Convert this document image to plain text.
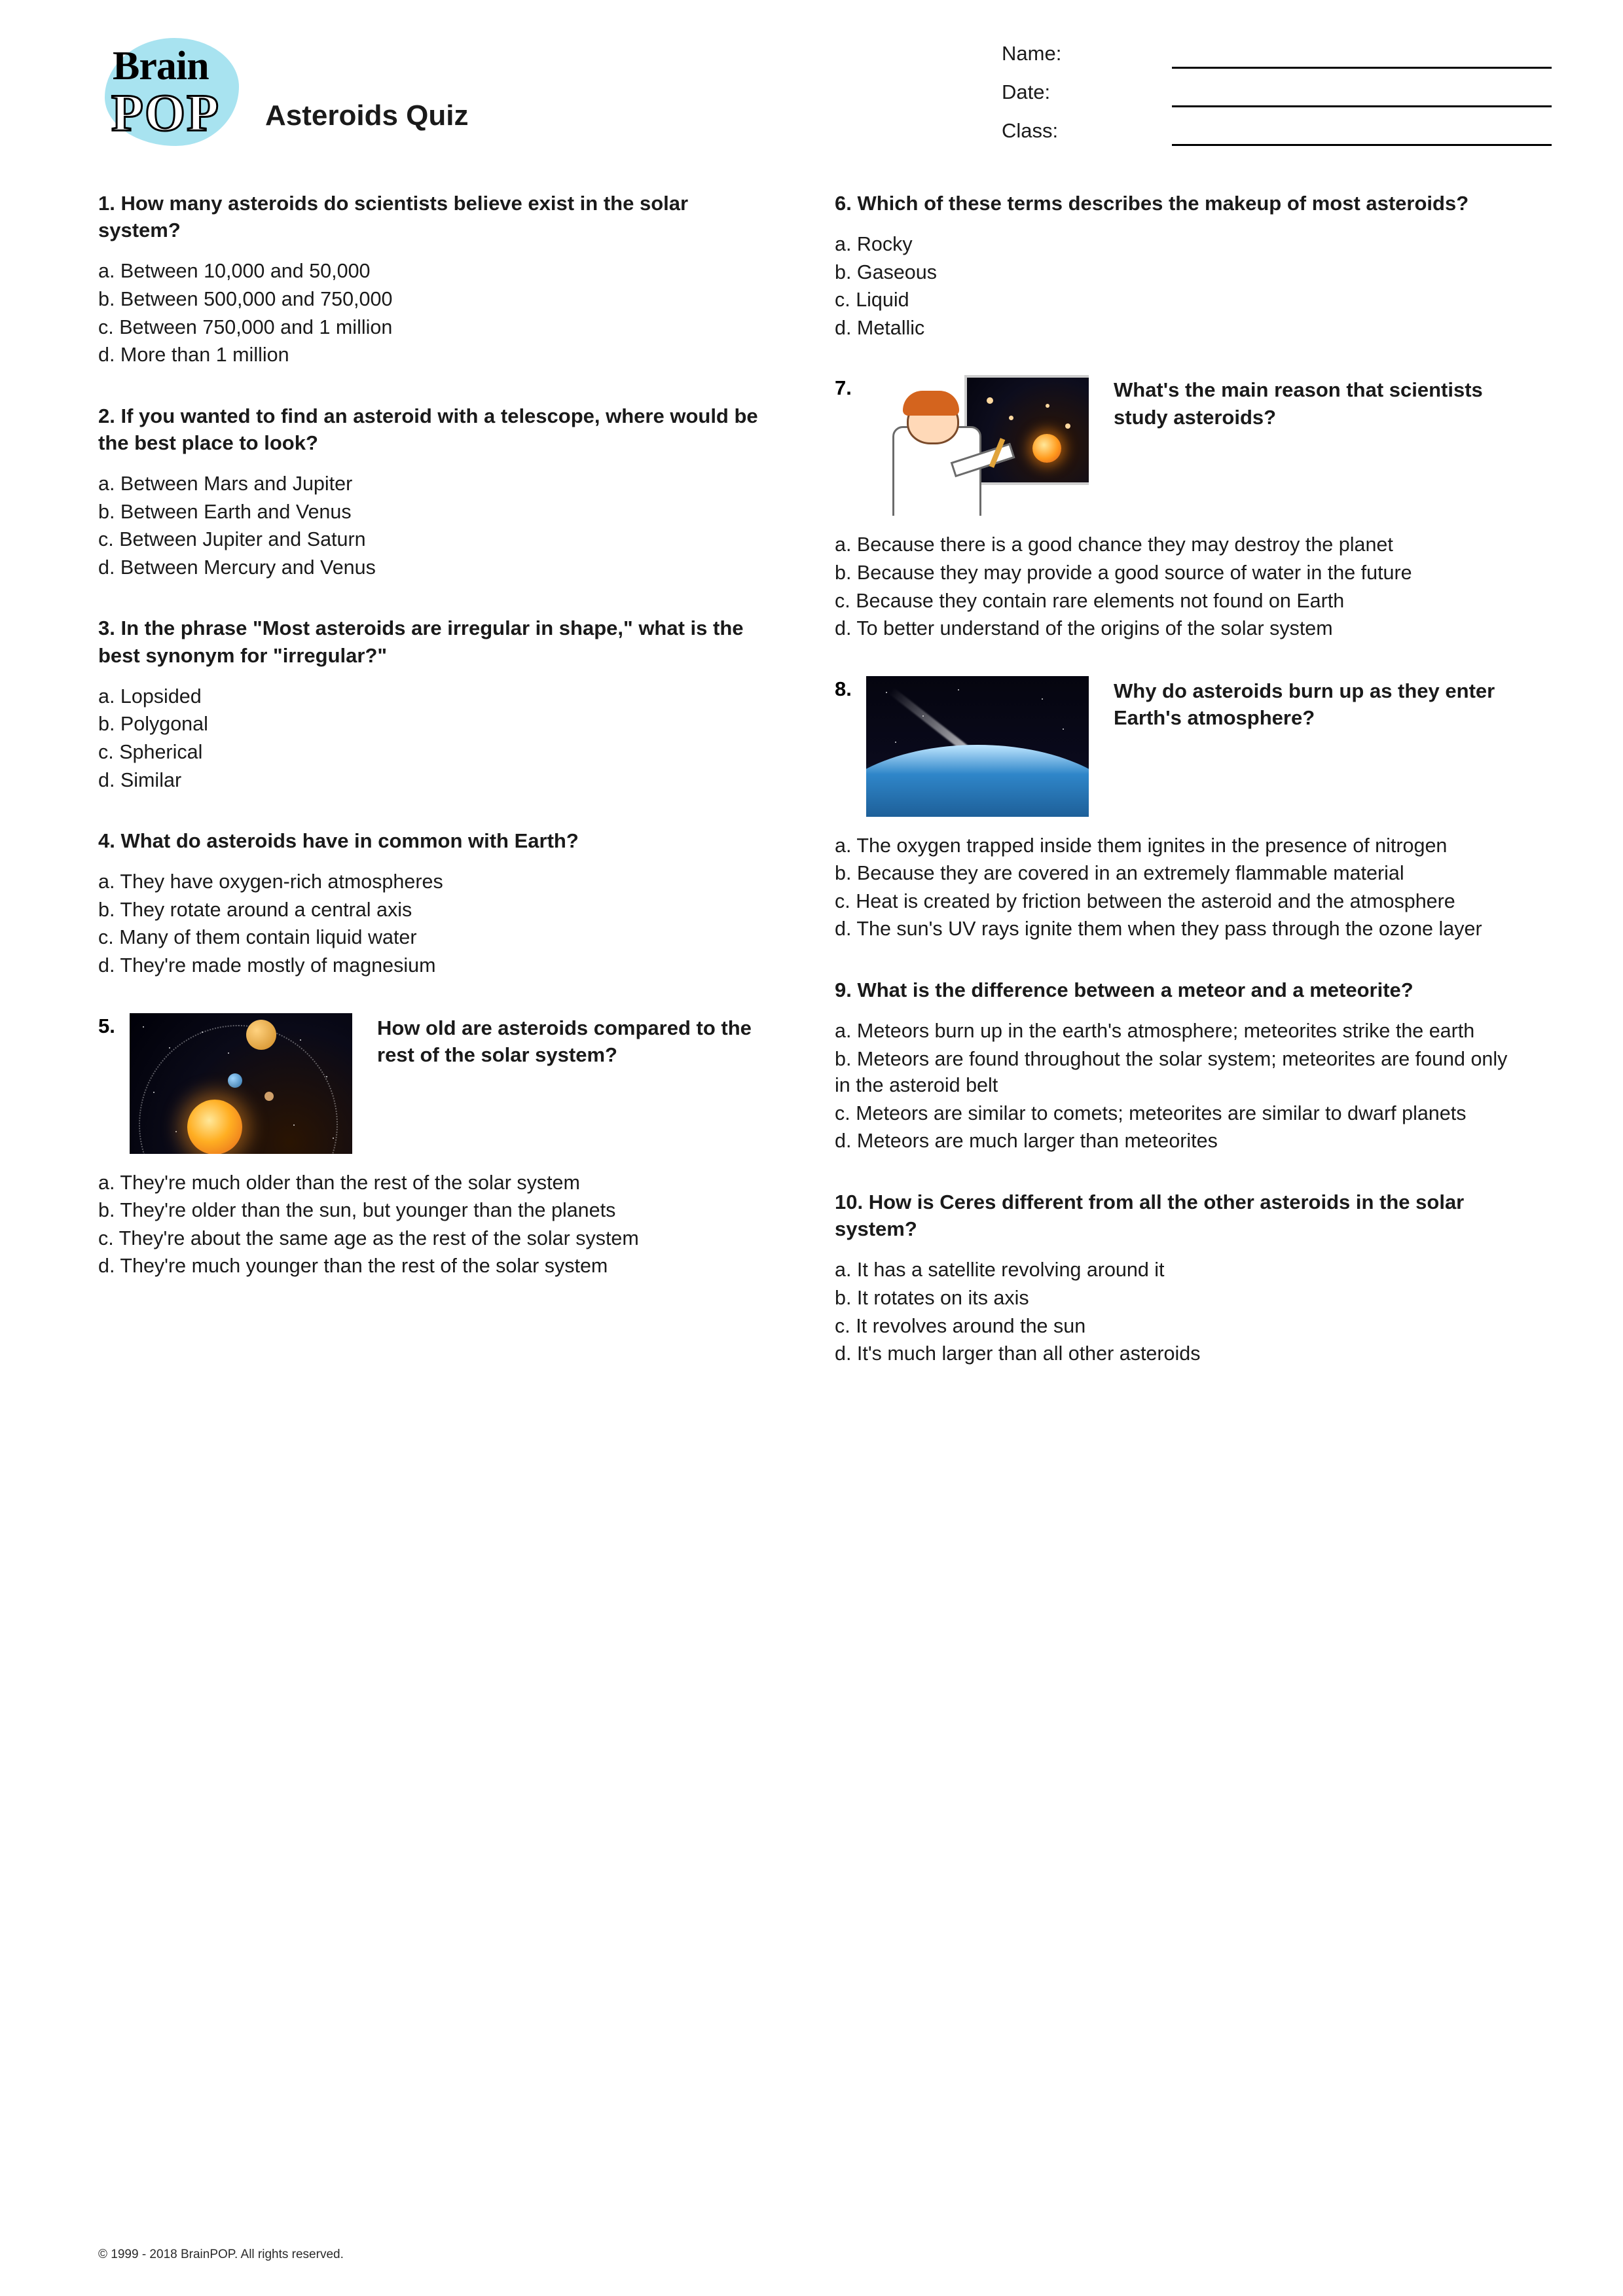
Brain
POP Asteroids Quiz
Name:
Date:
Class:
1. How many asteroids do scientists believe exist in the solar system?
a. Between 10,000 and 50,000
b. Between 500,000 and 750,000
c. Between 750,000 and 1 million
d. More than 1 million
2. If you wanted to find an asteroid with a telescope, where would be the best place to look?
a. Between Mars and Jupiter
b. Between Earth and Venus
c. Between Jupiter and Saturn
d. Between Mercury and Venus
3. In the phrase "Most asteroids are irregular in shape," what is the best synonym for "irregular?"
a. Lopsided
b. Polygonal
c. Spherical
d. Similar
4. What do asteroids have in common with Earth?
a. They have oxygen-rich atmospheres
b. They rotate around a central axis
c. Many of them contain liquid water
d. They're made mostly of magnesium
5.	How old are asteroids compared to the rest of the solar system?
a. They're much older than the rest of the solar system
b. They're older than the sun, but younger than the planets
c. They're about the same age as the rest of the solar system
d. They're much younger than the rest of the solar system
6. Which of these terms describes the makeup of most asteroids?
a. Rocky
b. Gaseous
c. Liquid
d. Metallic
7.	What's the main reason that scientists study asteroids?
a. Because there is a good chance they may destroy the planet
b. Because they may provide a good source of water in the future
c. Because they contain rare elements not found on Earth
d. To better understand of the origins of the solar system
8.	Why do asteroids burn up as they enter Earth's atmosphere?
a. The oxygen trapped inside them ignites in the presence of nitrogen
b. Because they are covered in an extremely flammable material
c. Heat is created by friction between the asteroid and the atmosphere
d. The sun's UV rays ignite them when they pass through the ozone layer
9. What is the difference between a meteor and a meteorite?
a. Meteors burn up in the earth's atmosphere; meteorites strike the earth
b. Meteors are found throughout the solar system; meteorites are found only in the asteroid belt
c. Meteors are similar to comets; meteorites are similar to dwarf planets
d. Meteors are much larger than meteorites
10. How is Ceres different from all the other asteroids in the solar system?
a. It has a satellite revolving around it
b. It rotates on its axis
c. It revolves around the sun
d. It's much larger than all other asteroids
© 1999 - 2018 BrainPOP. All rights reserved.
